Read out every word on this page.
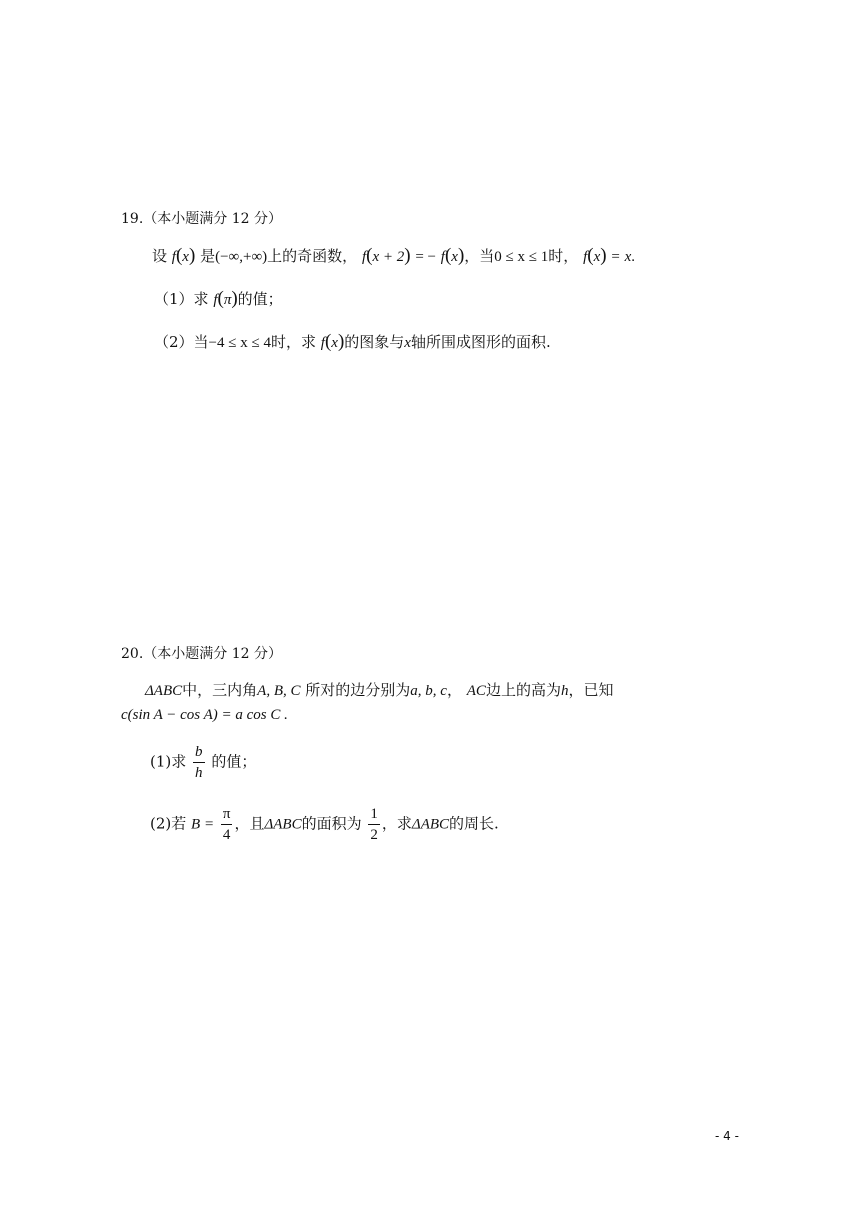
19.（本小题满分 12 分）
设 f(x) 是(−∞,+∞)上的奇函数， f(x + 2) = − f(x)，当0 ≤ x ≤ 1时， f(x) = x.
（1）求 f(π)的值；
（2）当−4 ≤ x ≤ 4时，求 f(x)的图象与x轴所围成图形的面积.
20.（本小题满分 12 分）
ΔABC中，三内角A, B, C 所对的边分别为a, b, c， AC边上的高为h，已知
c(sin A − cos A) = a cos C .
(1)求 $\frac{b}{h}$ 的值；
(2)若 $B = \frac{\pi}{4}$ ，且ΔABC的面积为 $\frac{1}{2}$ ，求ΔABC的周长.
- 4 -
